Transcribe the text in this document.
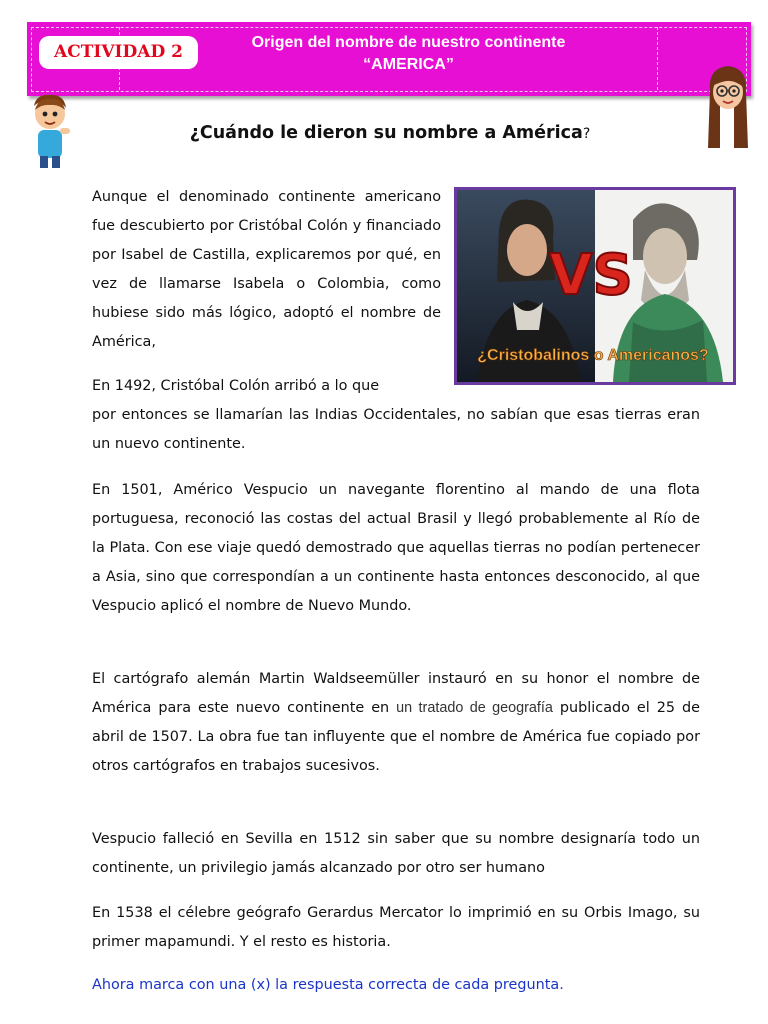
ACTIVIDAD 2	Origen del nombre de nuestro continente
“AMERICA”
¿Cuándo le dieron su nombre a América?
Aunque el denominado continente americano fue descubierto por Cristóbal Colón y financiado por Isabel de Castilla, explicaremos por qué, en vez de llamarse Isabela o Colombia, como hubiese sido más lógico, adoptó el nombre de América,
VS
¿Cristobalinos o Americanos?
En 1492, Cristóbal Colón arribó a lo que
por entonces se llamarían las Indias Occidentales, no sabían que esas tierras eran un nuevo continente.
En 1501, Américo Vespucio un navegante florentino al mando de una flota portuguesa, reconoció las costas del actual Brasil y llegó probablemente al Río de la Plata. Con ese viaje quedó demostrado que aquellas tierras no podían pertenecer a Asia, sino que correspondían a un continente hasta entonces desconocido, al que Vespucio aplicó el nombre de Nuevo Mundo.
El cartógrafo alemán Martin Waldseemüller instauró en su honor el nombre de América para este nuevo continente en un tratado de geografía publicado el 25 de abril de 1507. La obra fue tan influyente que el nombre de América fue copiado por otros cartógrafos en trabajos sucesivos.
Vespucio falleció en Sevilla en 1512 sin saber que su nombre designaría todo un continente, un privilegio jamás alcanzado por otro ser humano
En 1538 el célebre geógrafo Gerardus Mercator lo imprimió en su Orbis Imago, su primer mapamundi. Y el resto es historia.
Ahora marca con una (x) la respuesta correcta de cada pregunta.
